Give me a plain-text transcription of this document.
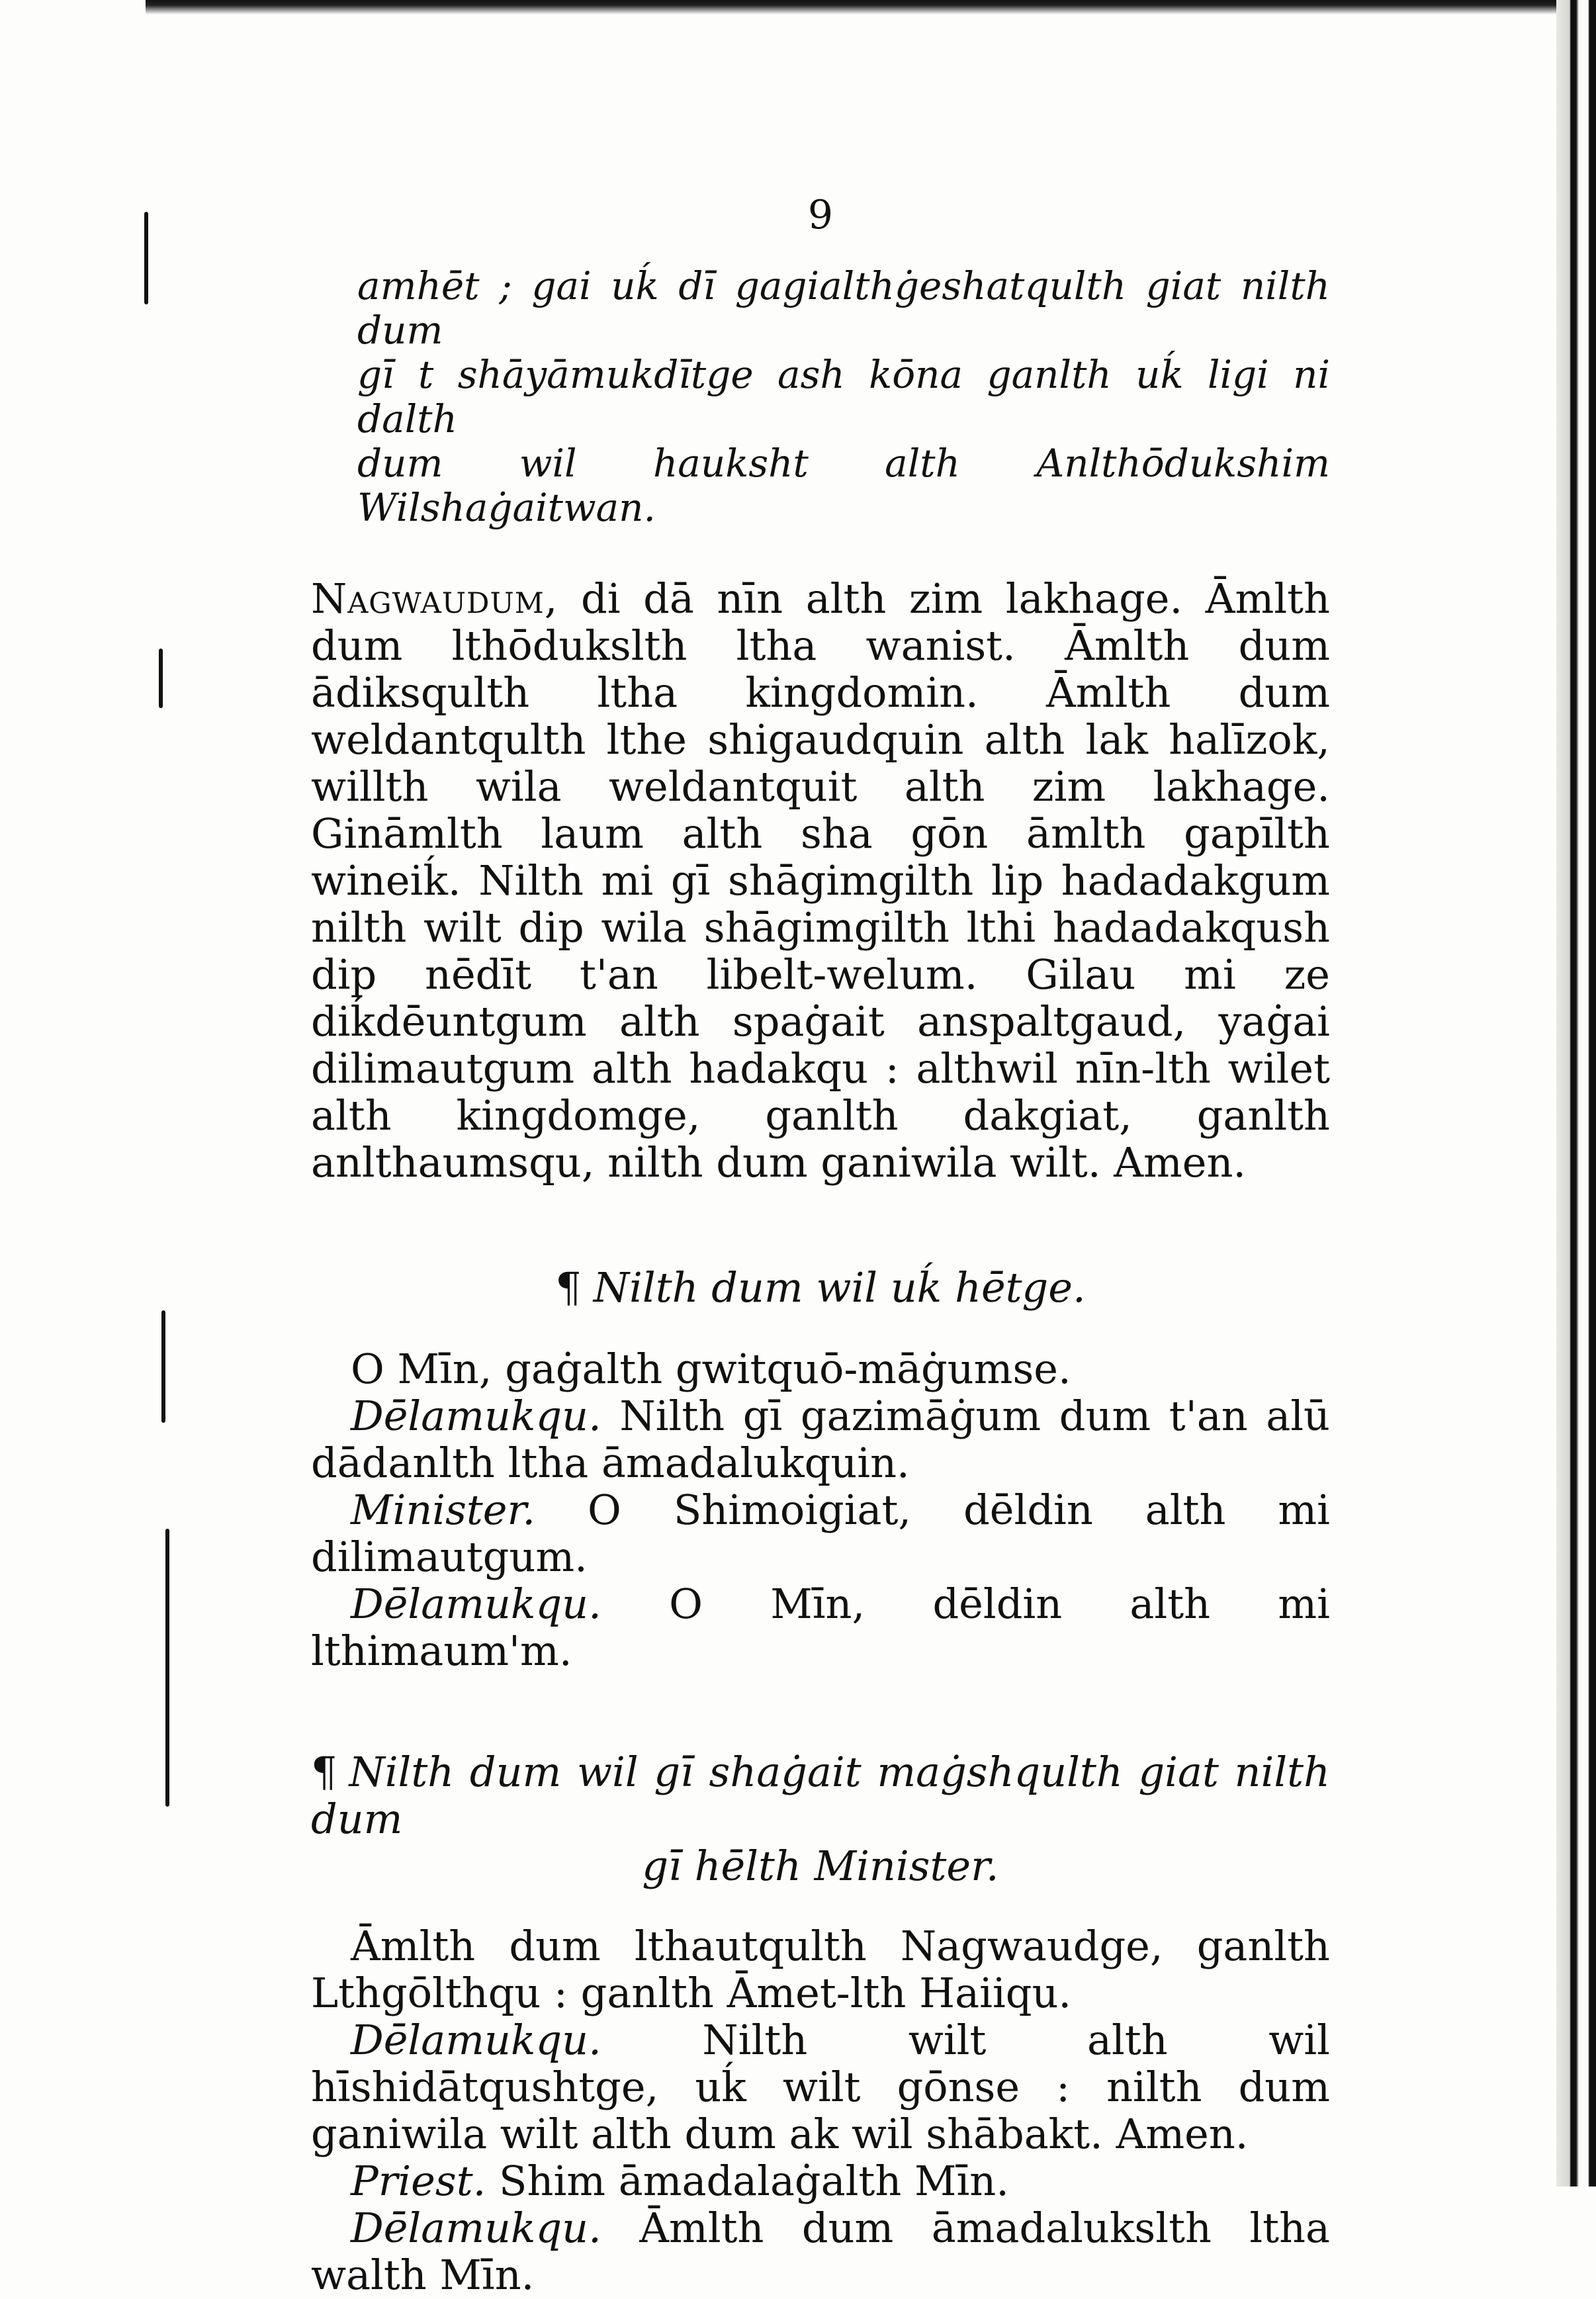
9
amhēt ; gai uḱ dī gagialthġeshatqulth giat nilth dum
gī t shāyāmukdītge ash kōna ganlth uḱ ligi ni dalth
dum wil hauksht alth Anlthōdukshim Wilshaġaitwan.

Nagwaudum, di dā nīn alth zim lakhage. Āmlth dum lthōdukslth ltha wanist. Āmlth dum ādiksqulth ltha kingdomin. Āmlth dum weldantqulth lthe shigaudquin alth lak halīzok, willth wila weldantquit alth zim lakhage. Gināmlth laum alth sha gōn āmlth gapīlth wineiḱ. Nilth mi gī shāgimgilth lip hadadakgum nilth wilt dip wila shāgimgilth lthi hadadakqush dip nēdīt t'an libelt-welum. Gilau mi ze diḱdēuntgum alth spaġait anspaltgaud, yaġai dilimautgum alth hadakqu : althwil nīn-lth wilet alth kingdomge, ganlth dakgiat, ganlth anlthaumsqu, nilth dum ganiwila wilt. Amen.

¶ Nilth dum wil uḱ hētge.

O Mīn, gaġalth gwitquō-māġumse.

Dēlamukqu. Nilth gī gazimāġum dum t'an alū dādanlth ltha āmadalukquin.

Minister. O Shimoigiat, dēldin alth mi dilimautgum.

Dēlamukqu. O Mīn, dēldin alth mi lthimaum'm.

¶ Nilth dum wil gī shaġait maġshqulth giat nilth dum
gī hēlth Minister.

Āmlth dum lthautqulth Nagwaudge, ganlth Lthgōlthqu : ganlth Āmet-lth Haiiqu.

Dēlamukqu. Nilth wilt alth wil hīshidātqushtge, uḱ wilt gōnse : nilth dum ganiwila wilt alth dum ak wil shābakt. Amen.

Priest. Shim āmadalaġalth Mīn.

Dēlamukqu. Āmlth dum āmadalukslth ltha walth Mīn.
